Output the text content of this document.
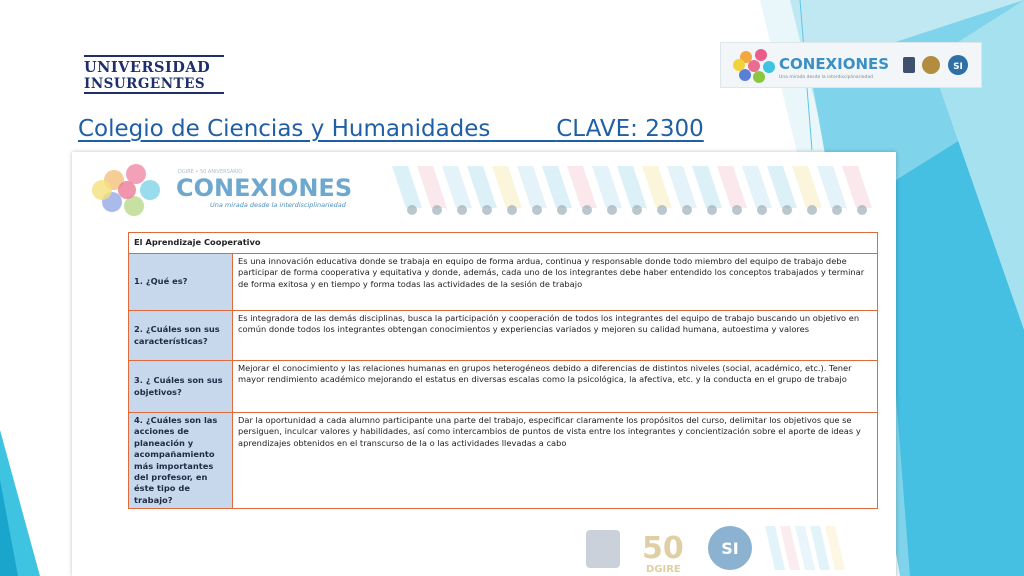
UNIVERSIDAD
INSURGENTES
CONEXIONES
Una mirada desde la interdisciplinariedad
SI
Colegio de Ciencias y Humanidades	CLAVE: 2300
DGIRE • 50 ANIVERSARIO
CONEXIONES
Una mirada desde la interdisciplinariedad
El Aprendizaje Cooperativo	
1. ¿Qué es?	Es una innovación educativa donde se trabaja en equipo de forma ardua, continua y responsable donde todo miembro del equipo de trabajo debe participar de forma cooperativa y equitativa y donde, además, cada uno de los integrantes debe haber entendido los conceptos trabajados y terminar de forma exitosa y en tiempo y forma todas las actividades de la sesión de trabajo
2. ¿Cuáles son sus características?	Es integradora de las demás disciplinas, busca la participación y cooperación de todos los integrantes del equipo de trabajo buscando un objetivo en común donde todos los integrantes obtengan conocimientos y experiencias variados y mejoren su calidad humana, autoestima y valores
3. ¿ Cuáles son sus objetivos?	Mejorar el conocimiento y las relaciones humanas en grupos heterogéneos debido a diferencias de distintos niveles (social, académico, etc.). Tener mayor rendimiento académico mejorando el estatus en diversas escalas como la psicológica, la afectiva, etc. y la conducta en el grupo de trabajo
4. ¿Cuáles son las acciones de planeación y acompañamiento más importantes del profesor, en éste tipo de trabajo?	Dar la oportunidad a cada alumno participante una parte del trabajo, especificar claramente los propósitos del curso, delimitar los objetivos que se persiguen, inculcar valores y habilidades, así como intercambios de puntos de vista entre los integrantes y concientización sobre el aporte de ideas y aprendizajes obtenidos en el transcurso de la o las actividades llevadas a cabo
50
DGIRE
SI
